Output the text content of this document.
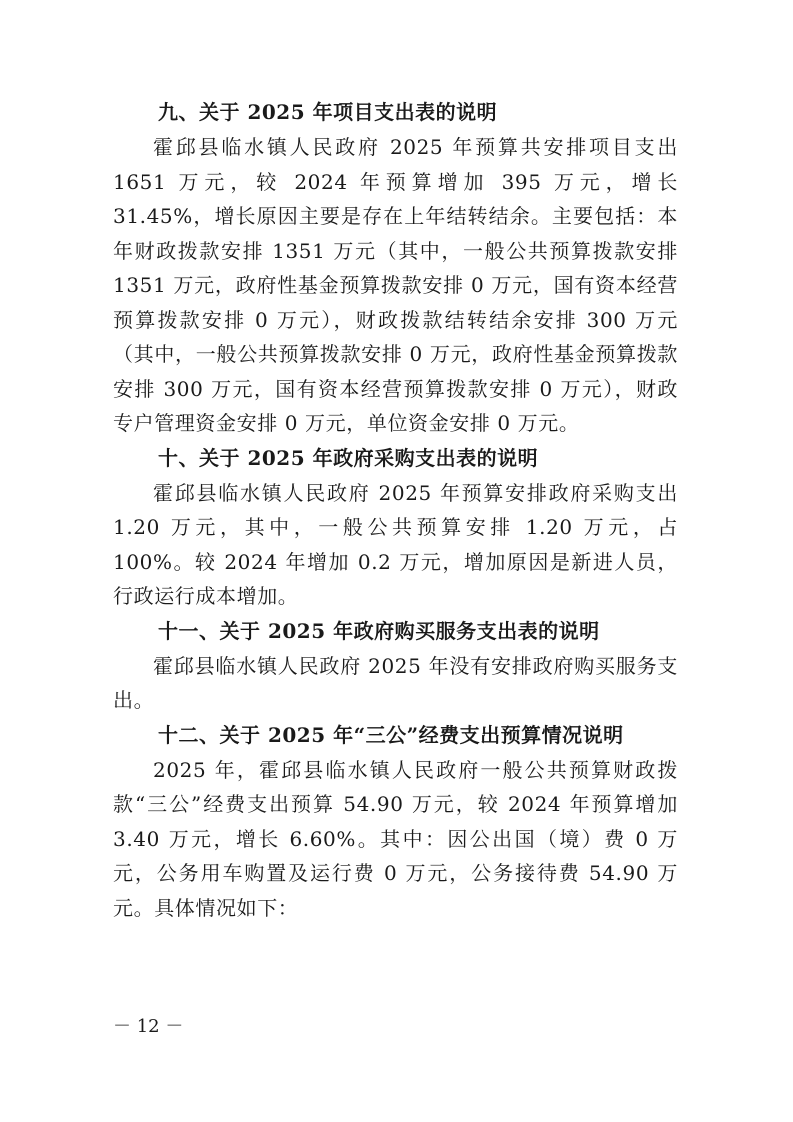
九、关于 2025 年项目支出表的说明

霍邱县临水镇人民政府 2025 年预算共安排项目支出 1651 万元，较 2024 年预算增加 395 万元，增长 31.45%，增长原因主要是存在上年结转结余。主要包括：本年财政拨款安排 1351 万元（其中，一般公共预算拨款安排 1351 万元，政府性基金预算拨款安排 0 万元，国有资本经营预算拨款安排 0 万元），财政拨款结转结余安排 300 万元（其中，一般公共预算拨款安排 0 万元，政府性基金预算拨款安排 300 万元，国有资本经营预算拨款安排 0 万元），财政专户管理资金安排 0 万元，单位资金安排 0 万元。

十、关于 2025 年政府采购支出表的说明

霍邱县临水镇人民政府 2025 年预算安排政府采购支出 1.20 万元，其中，一般公共预算安排 1.20 万元，占 100%。较 2024 年增加 0.2 万元，增加原因是新进人员，行政运行成本增加。

十一、关于 2025 年政府购买服务支出表的说明

霍邱县临水镇人民政府 2025 年没有安排政府购买服务支出。

十二、关于 2025 年“三公”经费支出预算情况说明

2025 年，霍邱县临水镇人民政府一般公共预算财政拨款“三公”经费支出预算 54.90 万元，较 2024 年预算增加 3.40 万元，增长 6.60%。其中：因公出国（境）费 0 万元，公务用车购置及运行费 0 万元，公务接待费 54.90 万元。具体情况如下：

－ 12 －
